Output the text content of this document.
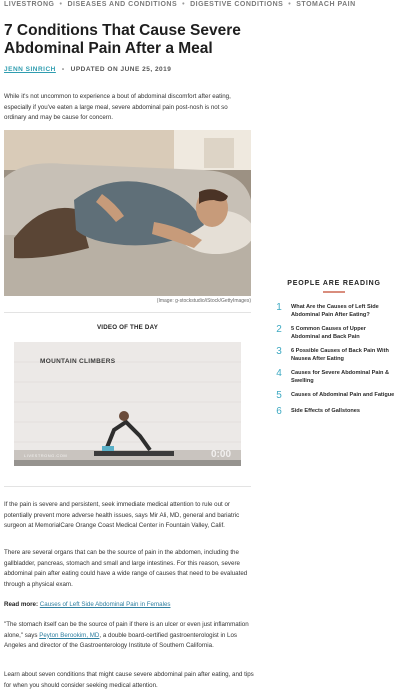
LIVESTRONG • DISEASES AND CONDITIONS • DIGESTIVE CONDITIONS • STOMACH PAIN
7 Conditions That Cause Severe Abdominal Pain After a Meal
JENN SINRICH • UPDATED ON JUNE 25, 2019

While it's not uncommon to experience a bout of abdominal discomfort after eating, especially if you've eaten a large meal, severe abdominal pain post-nosh is not so ordinary and may be cause for concern.

(Image: g-stockstudio/iStock/GettyImages)
VIDEO OF THE DAY
MOUNTAIN CLIMBERS
LIVESTRONG.COM	0:00

If the pain is severe and persistent, seek immediate medical attention to rule out or potentially prevent more adverse health issues, says Mir Ali, MD, general and bariatric surgeon at MemorialCare Orange Coast Medical Center in Fountain Valley, Calif.

There are several organs that can be the source of pain in the abdomen, including the gallbladder, pancreas, stomach and small and large intestines. For this reason, severe abdominal pain after eating could have a wide range of causes that need to be evaluated through a physical exam.

Read more: Causes of Left Side Abdominal Pain in Females

"The stomach itself can be the source of pain if there is an ulcer or even just inflammation alone," says Peyton Berookim, MD, a double board-certified gastroenterologist in Los Angeles and director of the Gastroenterology Institute of Southern California.

Learn about seven conditions that might cause severe abdominal pain after eating, and tips for when you should consider seeking medical attention.

PEOPLE ARE READING
1	What Are the Causes of Left Side Abdominal Pain After Eating?
2	5 Common Causes of Upper Abdominal and Back Pain
3	6 Possible Causes of Back Pain With Nausea After Eating
4	Causes for Severe Abdominal Pain & Swelling
5	Causes of Abdominal Pain and Fatigue
6	Side Effects of Gallstones
